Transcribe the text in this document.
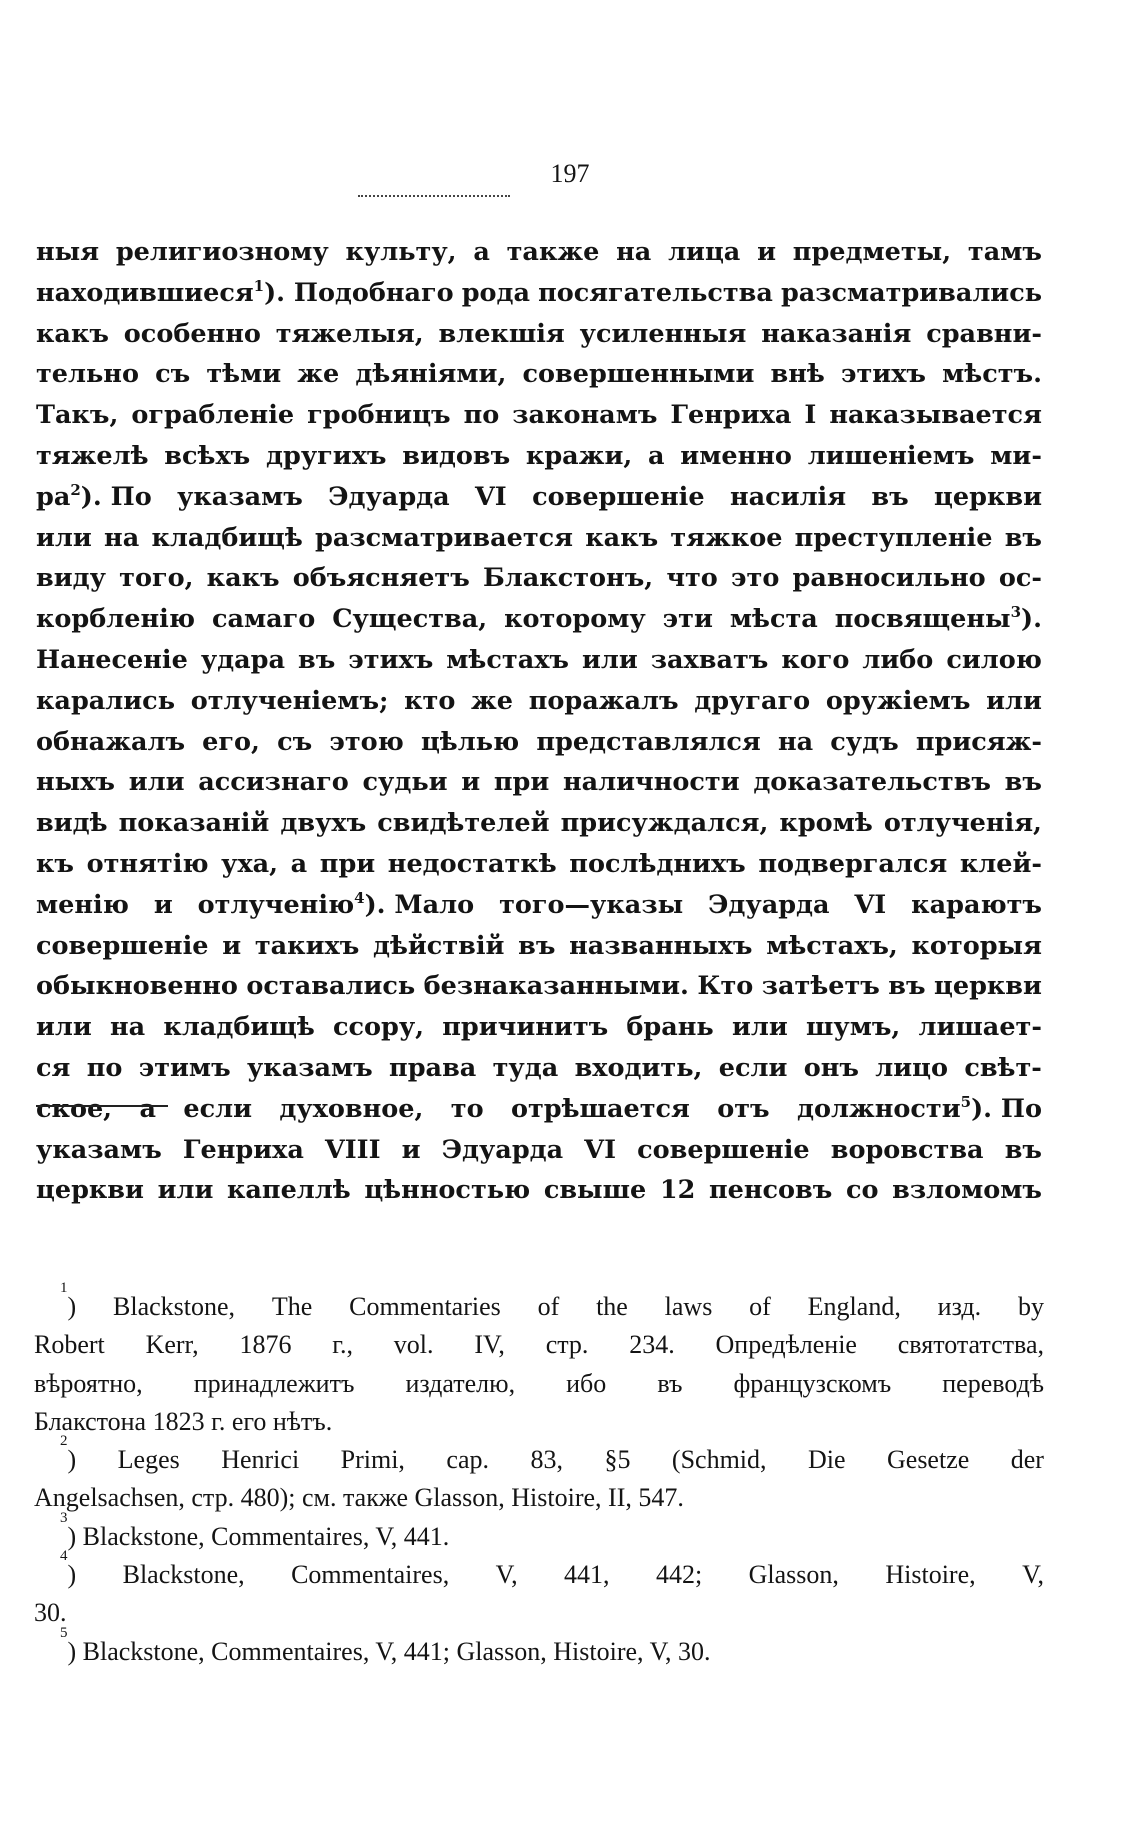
197
ныя религиозному культу, а также на лица и предметы, тамъ
находившиеся$^1$). Подобнаго рода посягательства разсматривались
какъ особенно тяжелыя, влекшія усиленныя наказанія сравни-
тельно съ тѣми же дѣяніями, совершенными внѣ этихъ мѣстъ.
Такъ, ограбленіе гробницъ по законамъ Генриха I наказывается
тяжелѣ всѣхъ другихъ видовъ кражи, а именно лишеніемъ ми-
ра$^2$). По указамъ Эдуарда VI совершеніе насилія въ церкви
или на кладбищѣ разсматривается какъ тяжкое преступленіе въ
виду того, какъ объясняетъ Блакстонъ, что это равносильно ос-
корбленію самаго Существа, которому эти мѣста посвящены$^3$).
Нанесеніе удара въ этихъ мѣстахъ или захватъ кого либо силою
карались отлученіемъ; кто же поражалъ другаго оружіемъ или
обнажалъ его, съ этою цѣлью представлялся на судъ присяж-
ныхъ или ассизнаго судьи и при наличности доказательствъ въ
видѣ показаній двухъ свидѣтелей присуждался, кромѣ отлученія,
къ отнятію уха, а при недостаткѣ послѣднихъ подвергался клей-
менію и отлученію$^4$). Мало того—указы Эдуарда VI караютъ
совершеніе и такихъ дѣйствій въ названныхъ мѣстахъ, которыя
обыкновенно оставались безнаказанными. Кто затѣетъ въ церкви
или на кладбищѣ ссору, причинитъ брань или шумъ, лишает-
ся по этимъ указамъ права туда входить, если онъ лицо свѣт-
ское, а если духовное, то отрѣшается отъ должности$^5$). По
указамъ Генриха VIII и Эдуарда VI совершеніе воровства въ
церкви или капеллѣ цѣнностью свыше 12 пенсовъ со взломомъ
1
) Blackstone, The Commentaries of the laws of England, изд. by
Robert Kerr, 1876 г., vol. IV, стр. 234. Опредѣленіе святотатства,
вѣроятно, принадлежитъ издателю, ибо въ французскомъ переводѣ
Блакстона 1823 г. его нѣтъ.
2
) Leges Henrici Primi, cap. 83, §5 (Schmid, Die Gesetze der
Angelsachsen, стр. 480); см. также Glasson, Histoire, II, 547.
3
) Blackstone, Commentaires, V, 441.
4
) Blackstone, Commentaires, V, 441, 442; Glasson, Histoire, V,
30.
5
) Blackstone, Commentaires, V, 441; Glasson, Histoire, V, 30.
